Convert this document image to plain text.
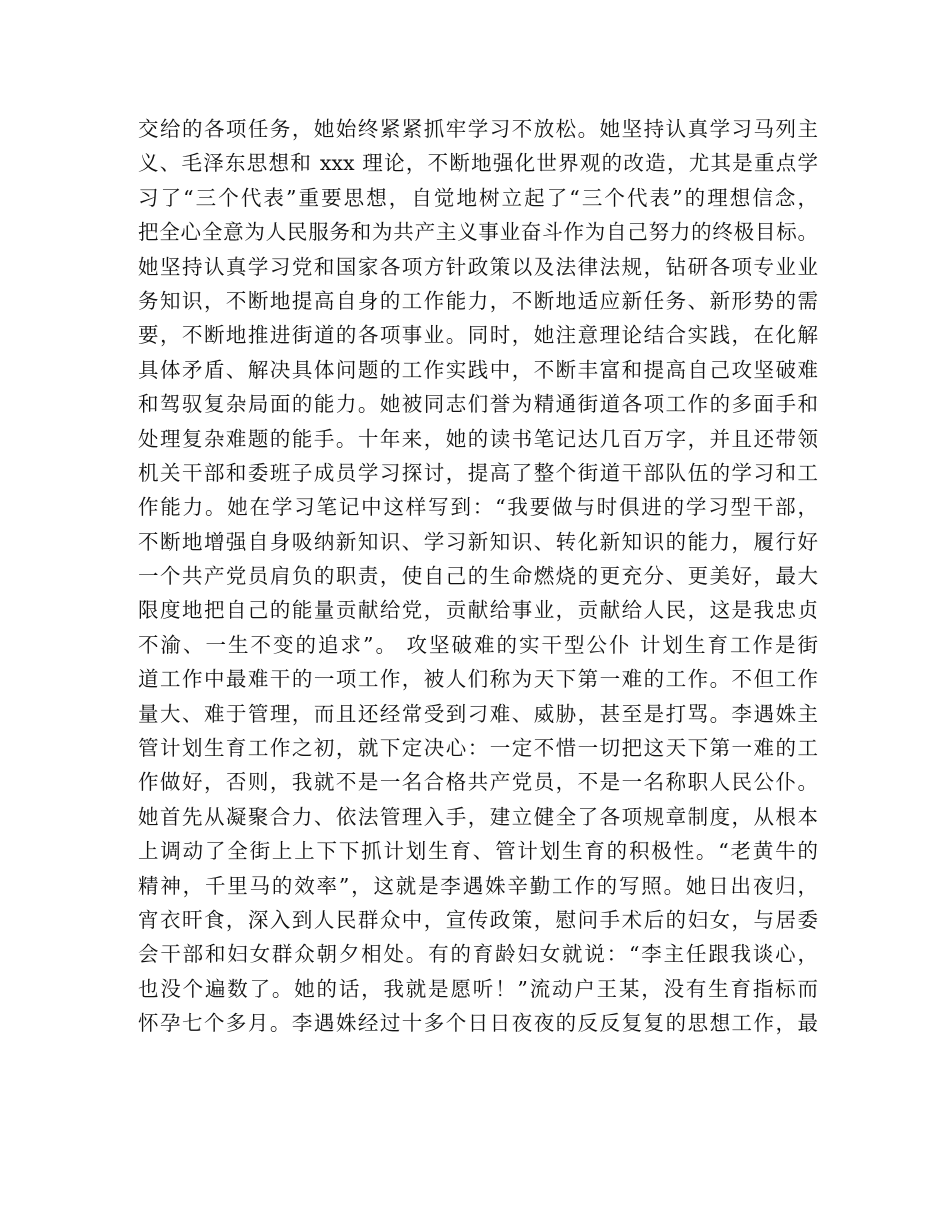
交给的各项任务，她始终紧紧抓牢学习不放松。她坚持认真学习马列主
义、毛泽东思想和 xxx 理论，不断地强化世界观的改造，尤其是重点学
习了“三个代表”重要思想，自觉地树立起了“三个代表”的理想信念，
把全心全意为人民服务和为共产主义事业奋斗作为自己努力的终极目标。
她坚持认真学习党和国家各项方针政策以及法律法规，钻研各项专业业
务知识，不断地提高自身的工作能力，不断地适应新任务、新形势的需
要，不断地推进街道的各项事业。同时，她注意理论结合实践，在化解
具体矛盾、解决具体问题的工作实践中，不断丰富和提高自己攻坚破难
和驾驭复杂局面的能力。她被同志们誉为精通街道各项工作的多面手和
处理复杂难题的能手。十年来，她的读书笔记达几百万字，并且还带领
机关干部和委班子成员学习探讨，提高了整个街道干部队伍的学习和工
作能力。她在学习笔记中这样写到：“我要做与时俱进的学习型干部，
不断地增强自身吸纳新知识、学习新知识、转化新知识的能力，履行好
一个共产党员肩负的职责，使自己的生命燃烧的更充分、更美好，最大
限度地把自己的能量贡献给党，贡献给事业，贡献给人民，这是我忠贞
不渝、一生不变的追求”。 攻坚破难的实干型公仆 计划生育工作是街
道工作中最难干的一项工作，被人们称为天下第一难的工作。不但工作
量大、难于管理，而且还经常受到刁难、威胁，甚至是打骂。李遇姝主
管计划生育工作之初，就下定决心：一定不惜一切把这天下第一难的工
作做好，否则，我就不是一名合格共产党员，不是一名称职人民公仆。
她首先从凝聚合力、依法管理入手，建立健全了各项规章制度，从根本
上调动了全街上上下下抓计划生育、管计划生育的积极性。“老黄牛的
精神，千里马的效率”，这就是李遇姝辛勤工作的写照。她日出夜归，
宵衣旰食，深入到人民群众中，宣传政策，慰问手术后的妇女，与居委
会干部和妇女群众朝夕相处。有的育龄妇女就说：“李主任跟我谈心，
也没个遍数了。她的话，我就是愿听！”流动户王某，没有生育指标而
怀孕七个多月。李遇姝经过十多个日日夜夜的反反复复的思想工作，最
